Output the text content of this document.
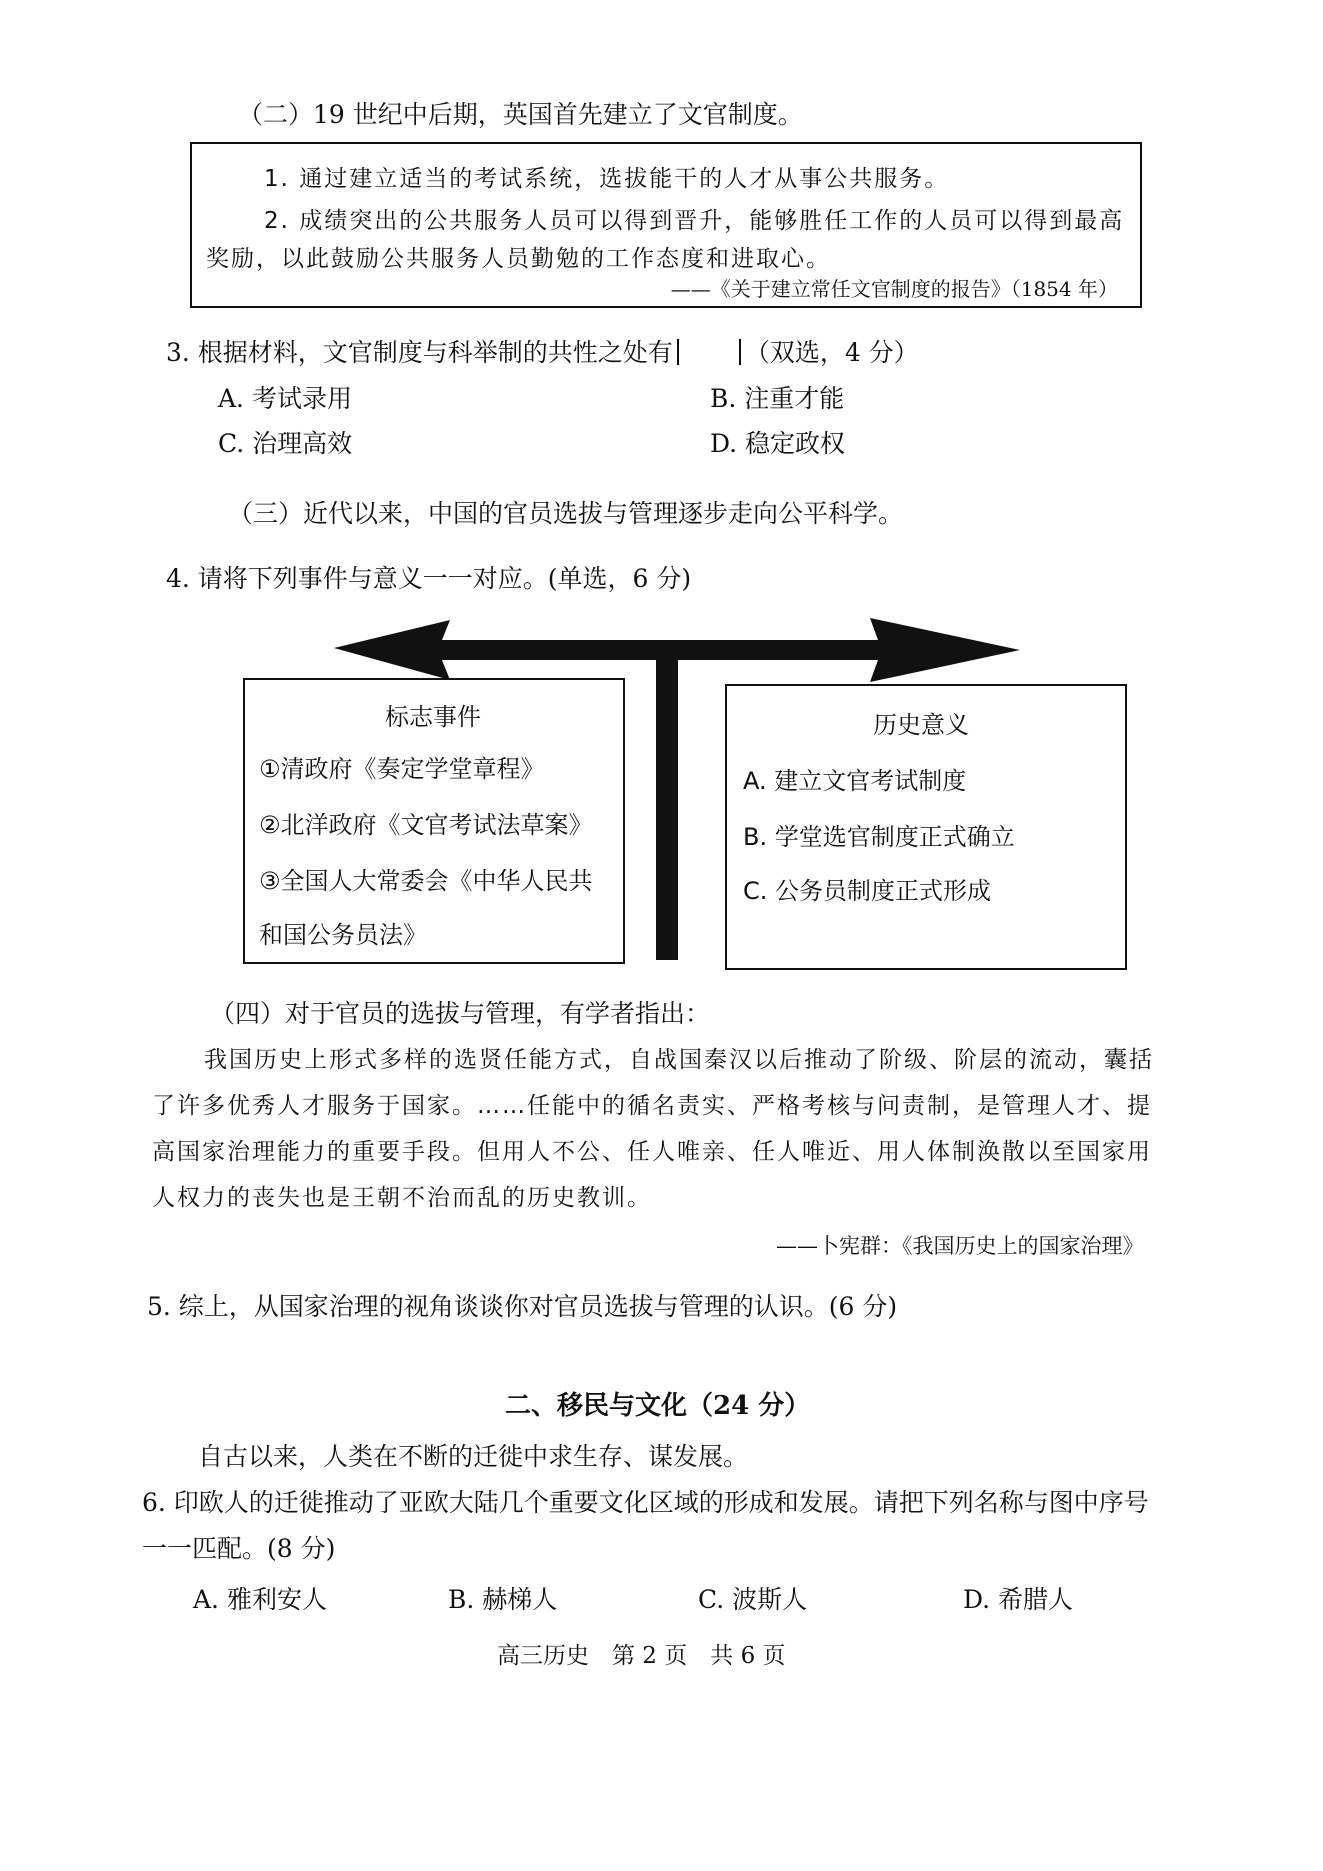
（二）19 世纪中后期，英国首先建立了文官制度。
1. 通过建立适当的考试系统，选拔能干的人才从事公共服务。
2. 成绩突出的公共服务人员可以得到晋升，能够胜任工作的人员可以得到最高
奖励，以此鼓励公共服务人员勤勉的工作态度和进取心。
——《关于建立常任文官制度的报告》（1854 年）
3. 根据材料，文官制度与科举制的共性之处有	（双选，4 分）
A. 考试录用	B. 注重才能
C. 治理高效	D. 稳定政权
（三）近代以来，中国的官员选拔与管理逐步走向公平科学。
4. 请将下列事件与意义一一对应。(单选，6 分)
标志事件
①清政府《奏定学堂章程》
②北洋政府《文官考试法草案》
③全国人大常委会《中华人民共
和国公务员法》
历史意义
A. 建立文官考试制度
B. 学堂选官制度正式确立
C. 公务员制度正式形成
（四）对于官员的选拔与管理，有学者指出：
我国历史上形式多样的选贤任能方式，自战国秦汉以后推动了阶级、阶层的流动，囊括
了许多优秀人才服务于国家。……任能中的循名责实、严格考核与问责制，是管理人才、提
高国家治理能力的重要手段。但用人不公、任人唯亲、任人唯近、用人体制涣散以至国家用
人权力的丧失也是王朝不治而乱的历史教训。
——卜宪群：《我国历史上的国家治理》
5. 综上，从国家治理的视角谈谈你对官员选拔与管理的认识。(6 分)
二、移民与文化（24 分）
自古以来，人类在不断的迁徙中求生存、谋发展。
6. 印欧人的迁徙推动了亚欧大陆几个重要文化区域的形成和发展。请把下列名称与图中序号
一一匹配。(8 分)
A. 雅利安人	B. 赫梯人	C. 波斯人	D. 希腊人
高三历史　第 2 页　共 6 页
